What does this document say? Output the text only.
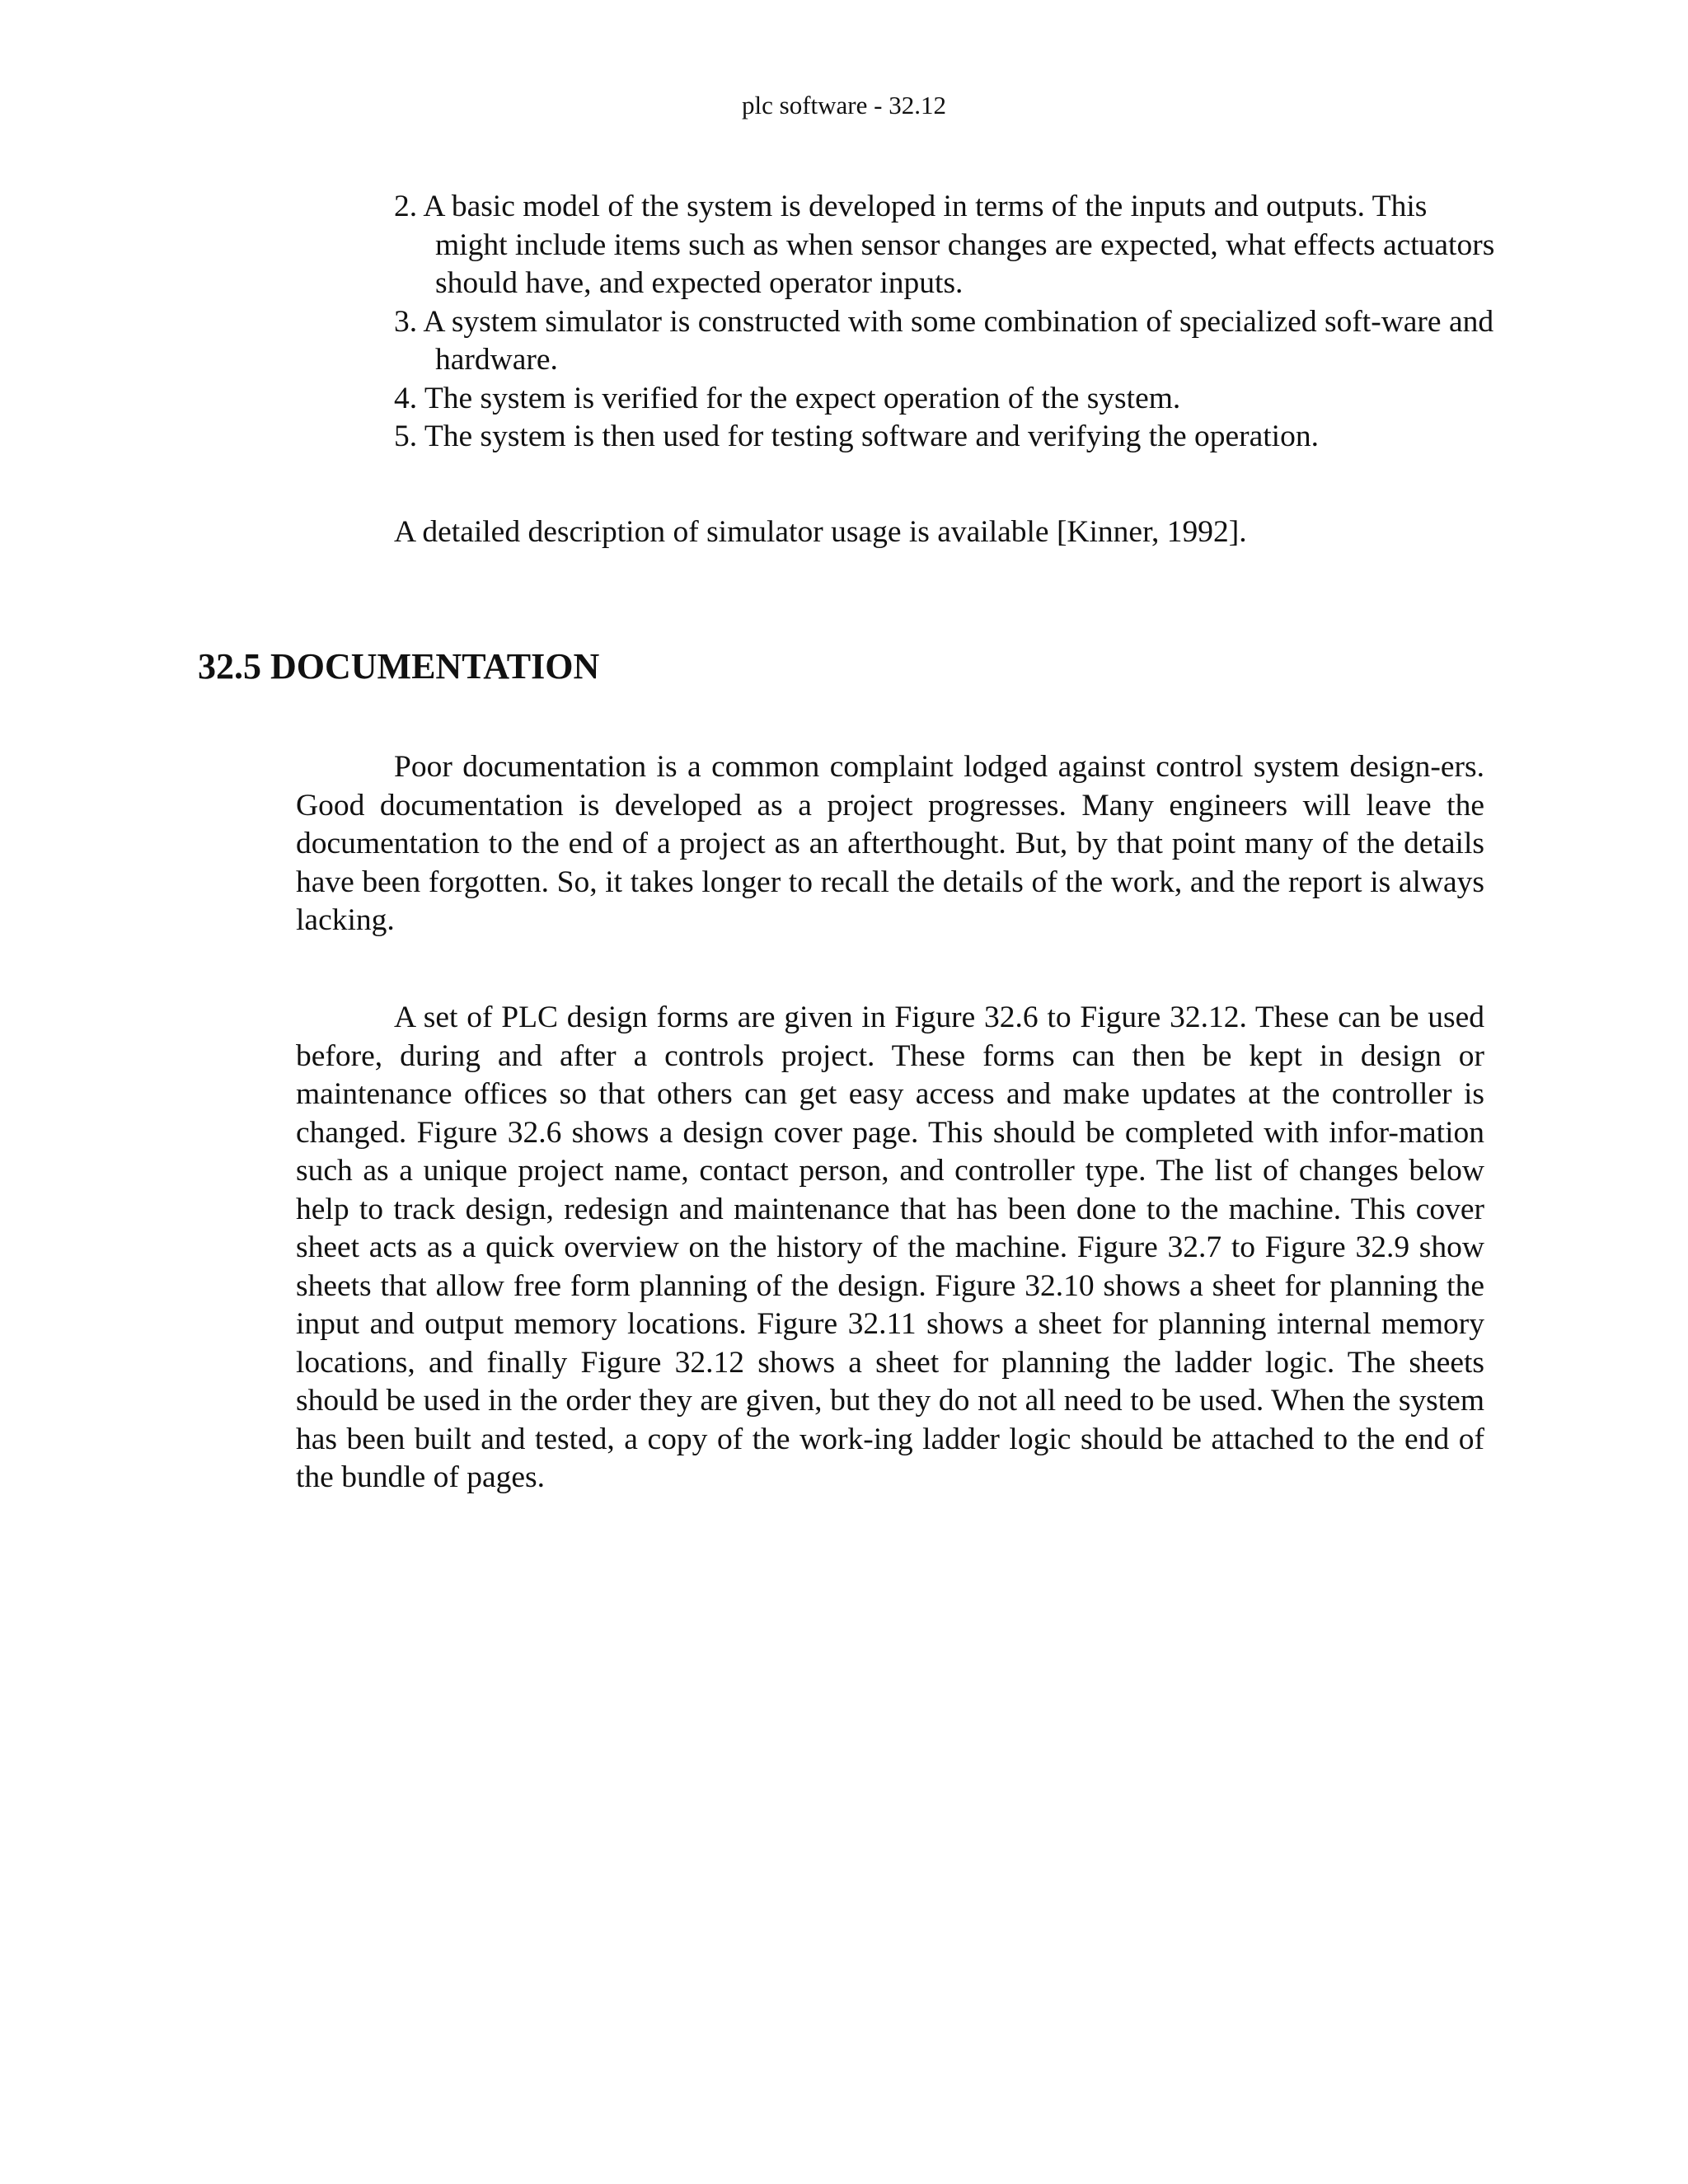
plc software - 32.12

2. A basic model of the system is developed in terms of the inputs and outputs. This might include items such as when sensor changes are expected, what effects actuators should have, and expected operator inputs.
3. A system simulator is constructed with some combination of specialized soft-ware and hardware.
4. The system is verified for the expect operation of the system.
5. The system is then used for testing software and verifying the operation.

A detailed description of simulator usage is available [Kinner, 1992].

32.5 DOCUMENTATION

Poor documentation is a common complaint lodged against control system design-ers. Good documentation is developed as a project progresses. Many engineers will leave the documentation to the end of a project as an afterthought. But, by that point many of the details have been forgotten. So, it takes longer to recall the details of the work, and the report is always lacking.

A set of PLC design forms are given in Figure 32.6 to Figure 32.12. These can be used before, during and after a controls project. These forms can then be kept in design or maintenance offices so that others can get easy access and make updates at the controller is changed. Figure 32.6 shows a design cover page. This should be completed with infor-mation such as a unique project name, contact person, and controller type. The list of changes below help to track design, redesign and maintenance that has been done to the machine. This cover sheet acts as a quick overview on the history of the machine. Figure 32.7 to Figure 32.9 show sheets that allow free form planning of the design. Figure 32.10 shows a sheet for planning the input and output memory locations. Figure 32.11 shows a sheet for planning internal memory locations, and finally Figure 32.12 shows a sheet for planning the ladder logic. The sheets should be used in the order they are given, but they do not all need to be used. When the system has been built and tested, a copy of the work-ing ladder logic should be attached to the end of the bundle of pages.
